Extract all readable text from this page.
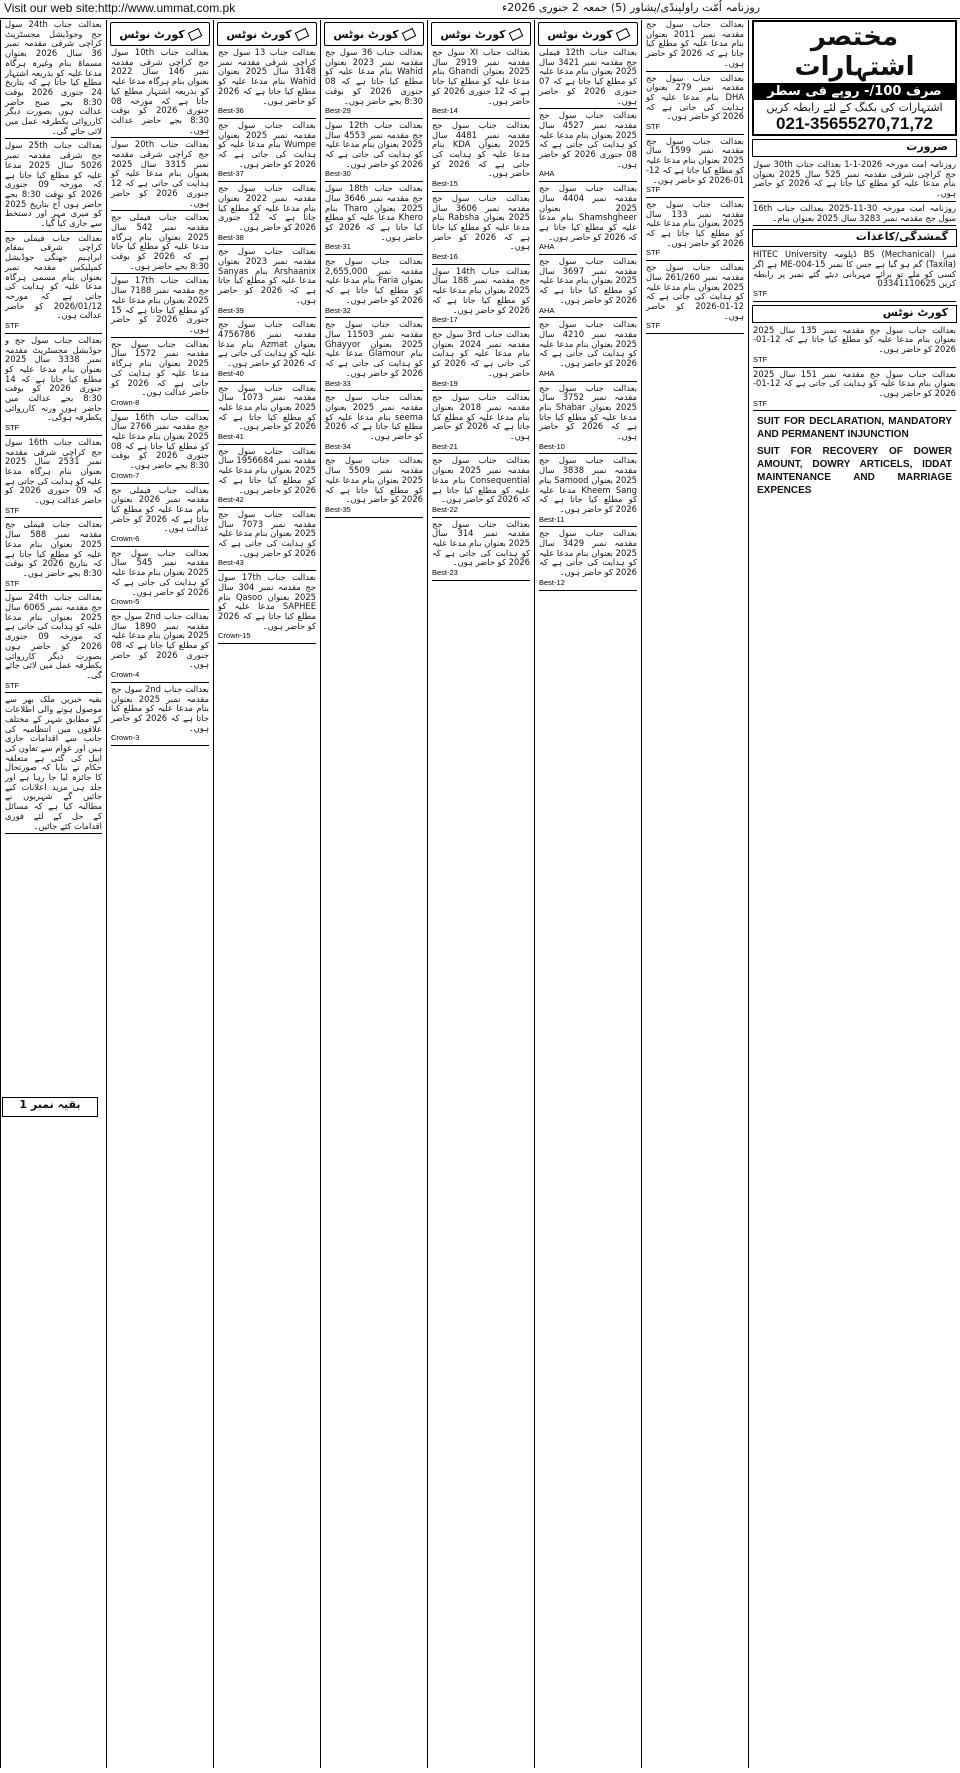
Visit our web site:http://www.ummat.com.pk	روزنامہ اُمّت راولپنڈی/پشاور (5) جمعہ 2 جنوری 2026ء
بعدالت جناب 24th سول جج وجوڈیشل مجسٹریٹ کراچی شرقی مقدمہ نمبر 36 سال 2026 بعنوان مسماۃ بنام وغیرہ ہرگاہ مدعا علیہ کو بذریعہ اشتہار مطلع کیا جاتا ہے کہ بتاریخ 24 جنوری 2026 بوقت 8:30 بجے صبح حاضر عدالت ہوں بصورت دیگر کارروائی یکطرفہ عمل میں لائی جائے گی۔
بعدالت جناب 25th سول جج شرقی مقدمہ نمبر 5026 سال 2025 مدعا علیہ کو مطلع کیا جاتا ہے کہ مورخہ 09 جنوری 2026 کو بوقت 8:30 بجے حاضر ہوں آج بتاریخ 2025 کو میری مہر اور دستخط سے جاری کیا گیا۔
بعدالت جناب فیملی جج کراچی شرقی بمقام ابراہیم جھنگی جوڈیشل کمپلیکس مقدمہ نمبر بعنوان بنام مسمی ہرگاہ مدعا علیہ کو ہدایت کی جاتی ہے کہ مورخہ 2026/01/12 کو حاضر عدالت ہوں۔
STF
بعدالت جناب سول جج و جوڈیشل مجسٹریٹ مقدمہ نمبر 3338 سال 2025 بعنوان بنام مدعا علیہ کو مطلع کیا جاتا ہے کہ 14 جنوری 2026 کو بوقت 8:30 بجے عدالت میں حاضر ہوں ورنہ کارروائی یکطرفہ ہوگی۔
STF
بعدالت جناب 16th سول جج کراچی شرقی مقدمہ نمبر 2531 سال 2025 بعنوان بنام ہرگاہ مدعا علیہ کو ہدایت کی جاتی ہے کہ 09 جنوری 2026 کو حاضر عدالت ہوں۔
STF
بعدالت جناب فیملی جج مقدمہ نمبر 588 سال 2025 بعنوان بنام مدعا علیہ کو مطلع کیا جاتا ہے کہ بتاریخ 2026 کو بوقت 8:30 بجے حاضر ہوں۔
STF
بعدالت جناب 24th سول جج مقدمہ نمبر 6065 سال 2025 بعنوان بنام مدعا علیہ کو ہدایت کی جاتی ہے کہ مورخہ 09 جنوری 2026 کو حاضر ہوں بصورت دیگر کارروائی یکطرفہ عمل میں لائی جائے گی۔
STF
بقیہ خبریں ملک بھر سے موصول ہونے والی اطلاعات کے مطابق شہر کے مختلف علاقوں میں انتظامیہ کی جانب سے اقدامات جاری ہیں اور عوام سے تعاون کی اپیل کی گئی ہے متعلقہ حکام نے بتایا کہ صورتحال کا جائزہ لیا جا رہا ہے اور جلد ہی مزید اعلانات کیے جائیں گے شہریوں نے مطالبہ کیا ہے کہ مسائل کے حل کے لئے فوری اقدامات کئے جائیں۔
کورٹ نوٹس
بعدالت جناب 10th سول جج کراچی شرقی مقدمہ نمبر 146 سال 2022 بعنوان بنام ہرگاہ مدعا علیہ کو بذریعہ اشتہار مطلع کیا جاتا ہے کہ مورخہ 08 جنوری 2026 کو بوقت 8:30 بجے حاضر عدالت ہوں۔
بعدالت جناب 20th سول جج کراچی شرقی مقدمہ نمبر 3315 سال 2025 بعنوان بنام مدعا علیہ کو ہدایت کی جاتی ہے کہ 12 جنوری 2026 کو حاضر ہوں۔
بعدالت جناب فیملی جج مقدمہ نمبر 542 سال 2025 بعنوان بنام ہرگاہ مدعا علیہ کو مطلع کیا جاتا ہے کہ 2026 کو بوقت 8:30 بجے حاضر ہوں۔
بعدالت جناب 17th سول جج مقدمہ نمبر 7188 سال 2025 بعنوان بنام مدعا علیہ کو مطلع کیا جاتا ہے کہ 15 جنوری 2026 کو حاضر ہوں۔
بعدالت جناب سول جج مقدمہ نمبر 1572 سال 2025 بعنوان بنام ہرگاہ مدعا علیہ کو ہدایت کی جاتی ہے کہ 2026 کو حاضر عدالت ہوں۔
Crown-8
بعدالت جناب 16th سول جج مقدمہ نمبر 2766 سال 2025 بعنوان بنام مدعا علیہ کو مطلع کیا جاتا ہے کہ 08 جنوری 2026 کو بوقت 8:30 بجے حاضر ہوں۔
Crown-7
بعدالت جناب فیملی جج مقدمہ نمبر 2026 بعنوان بنام مدعا علیہ کو مطلع کیا جاتا ہے کہ 2026 کو حاضر عدالت ہوں۔
Crown-6
بعدالت جناب سول جج مقدمہ نمبر 545 سال 2025 بعنوان بنام مدعا علیہ کو ہدایت کی جاتی ہے کہ 2026 کو حاضر ہوں۔
Crown-5
بعدالت جناب 2nd سول جج مقدمہ نمبر 1890 سال 2025 بعنوان بنام مدعا علیہ کو مطلع کیا جاتا ہے کہ 08 جنوری 2026 کو حاضر ہوں۔
Crown-4
بعدالت جناب 2nd سول جج مقدمہ نمبر 2025 بعنوان بنام مدعا علیہ کو مطلع کیا جاتا ہے کہ 2026 کو حاضر ہوں۔
Crown-3
کورٹ نوٹس
بعدالت جناب 13 سول جج کراچی شرقی مقدمہ نمبر 3148 سال 2025 بعنوان Wahid بنام مدعا علیہ کو مطلع کیا جاتا ہے کہ 2026 کو حاضر ہوں۔
Best-36
بعدالت جناب سول جج مقدمہ نمبر 2025 بعنوان Wumpe بنام مدعا علیہ کو ہدایت کی جاتی ہے کہ 2026 کو حاضر ہوں۔
Best-37
بعدالت جناب سول جج مقدمہ نمبر 2022 بعنوان بنام مدعا علیہ کو مطلع کیا جاتا ہے کہ 12 جنوری 2026 کو حاضر ہوں۔
Best-38
بعدالت جناب سول جج مقدمہ نمبر 2023 بعنوان Arshaanix بنام Sanyas مدعا علیہ کو مطلع کیا جاتا ہے کہ 2026 کو حاضر ہوں۔
Best-39
بعدالت جناب سول جج مقدمہ نمبر 4756786 بعنوان Azmat بنام مدعا علیہ کو ہدایت کی جاتی ہے کہ 2026 کو حاضر ہوں۔
Best-40
بعدالت جناب سول جج مقدمہ نمبر 1073 سال 2025 بعنوان بنام مدعا علیہ کو مطلع کیا جاتا ہے کہ 2026 کو حاضر ہوں۔
Best-41
بعدالت جناب سول جج مقدمہ نمبر 1956684 سال 2025 بعنوان بنام مدعا علیہ کو مطلع کیا جاتا ہے کہ 2026 کو حاضر ہوں۔
Best-42
بعدالت جناب سول جج مقدمہ نمبر 7073 سال 2025 بعنوان بنام مدعا علیہ کو ہدایت کی جاتی ہے کہ 2026 کو حاضر ہوں۔
Best-43
بعدالت جناب 17th سول جج مقدمہ نمبر 304 سال 2025 بعنوان Qasoo بنام SAPHEE مدعا علیہ کو مطلع کیا جاتا ہے کہ 2026 کو حاضر ہوں۔
Crown-15
کورٹ نوٹس
بعدالت جناب 36 سول جج مقدمہ نمبر 2023 بعنوان Wahid بنام مدعا علیہ کو مطلع کیا جاتا ہے کہ 08 جنوری 2026 کو بوقت 8:30 بجے حاضر ہوں۔
Best-29
بعدالت جناب 12th سول جج مقدمہ نمبر 4553 سال 2025 بعنوان بنام مدعا علیہ کو ہدایت کی جاتی ہے کہ 2026 کو حاضر ہوں۔
Best-30
بعدالت جناب 18th سول جج مقدمہ نمبر 3646 سال 2025 بعنوان Tharo بنام Khero مدعا علیہ کو مطلع کیا جاتا ہے کہ 2026 کو حاضر ہوں۔
Best-31
بعدالت جناب سول جج مقدمہ نمبر 2,655,000 بعنوان Faria بنام مدعا علیہ کو مطلع کیا جاتا ہے کہ 2026 کو حاضر ہوں۔
Best-32
بعدالت جناب سول جج مقدمہ نمبر 11503 سال 2025 بعنوان Ghayyor بنام Glamour مدعا علیہ کو ہدایت کی جاتی ہے کہ 2026 کو حاضر ہوں۔
Best-33
بعدالت جناب سول جج مقدمہ نمبر 2025 بعنوان seema بنام مدعا علیہ کو مطلع کیا جاتا ہے کہ 2026 کو حاضر ہوں۔
Best-34
بعدالت جناب سول جج مقدمہ نمبر 5509 سال 2025 بعنوان بنام مدعا علیہ کو مطلع کیا جاتا ہے کہ 2026 کو حاضر ہوں۔
Best-35
کورٹ نوٹس
بعدالت جناب XI سول جج مقدمہ نمبر 2919 سال 2025 بعنوان Ghandi بنام مدعا علیہ کو مطلع کیا جاتا ہے کہ 12 جنوری 2026 کو حاضر ہوں۔
Best-14
بعدالت جناب سول جج مقدمہ نمبر 4481 سال 2025 بعنوان KDA بنام مدعا علیہ کو ہدایت کی جاتی ہے کہ 2026 کو حاضر ہوں۔
Best-15
بعدالت جناب سول جج مقدمہ نمبر 3606 سال 2025 بعنوان Rabsha بنام مدعا علیہ کو مطلع کیا جاتا ہے کہ 2026 کو حاضر ہوں۔
Best-16
بعدالت جناب 14th سول جج مقدمہ نمبر 188 سال 2025 بعنوان بنام مدعا علیہ کو مطلع کیا جاتا ہے کہ 2026 کو حاضر ہوں۔
Best-17
بعدالت جناب 3rd سول جج مقدمہ نمبر 2024 بعنوان بنام مدعا علیہ کو ہدایت کی جاتی ہے کہ 2026 کو حاضر ہوں۔
Best-19
بعدالت جناب سول جج مقدمہ نمبر 2018 بعنوان بنام مدعا علیہ کو مطلع کیا جاتا ہے کہ 2026 کو حاضر ہوں۔
Best-21
بعدالت جناب سول جج مقدمہ نمبر 2025 بعنوان Consequential بنام مدعا علیہ کو مطلع کیا جاتا ہے کہ 2026 کو حاضر ہوں۔
Best-22
بعدالت جناب سول جج مقدمہ نمبر 314 سال 2025 بعنوان بنام مدعا علیہ کو ہدایت کی جاتی ہے کہ 2026 کو حاضر ہوں۔
Best-23
کورٹ نوٹس
بعدالت جناب 12th فیملی جج مقدمہ نمبر 3421 سال 2025 بعنوان بنام مدعا علیہ کو مطلع کیا جاتا ہے کہ 07 جنوری 2026 کو حاضر ہوں۔
بعدالت جناب سول جج مقدمہ نمبر 4527 سال 2025 بعنوان بنام مدعا علیہ کو ہدایت کی جاتی ہے کہ 08 جنوری 2026 کو حاضر ہوں۔
AHA
بعدالت جناب سول جج مقدمہ نمبر 4404 سال 2025 بعنوان Shamshgheer بنام مدعا علیہ کو مطلع کیا جاتا ہے کہ 2026 کو حاضر ہوں۔
AHA
بعدالت جناب سول جج مقدمہ نمبر 3697 سال 2025 بعنوان بنام مدعا علیہ کو مطلع کیا جاتا ہے کہ 2026 کو حاضر ہوں۔
AHA
بعدالت جناب سول جج مقدمہ نمبر 4210 سال 2025 بعنوان بنام مدعا علیہ کو ہدایت کی جاتی ہے کہ 2026 کو حاضر ہوں۔
AHA
بعدالت جناب سول جج مقدمہ نمبر 3752 سال 2025 بعنوان Shabar بنام مدعا علیہ کو مطلع کیا جاتا ہے کہ 2026 کو حاضر ہوں۔
Best-10
بعدالت جناب سول جج مقدمہ نمبر 3838 سال 2025 بعنوان Samood بنام Kheem Sang مدعا علیہ کو مطلع کیا جاتا ہے کہ 2026 کو حاضر ہوں۔
Best-11
بعدالت جناب سول جج مقدمہ نمبر 3429 سال 2025 بعنوان بنام مدعا علیہ کو ہدایت کی جاتی ہے کہ 2026 کو حاضر ہوں۔
Best-12
بعدالت جناب سول جج مقدمہ نمبر 2011 بعنوان بنام مدعا علیہ کو مطلع کیا جاتا ہے کہ 2026 کو حاضر ہوں۔
بعدالت جناب سول جج مقدمہ نمبر 279 بعنوان DHA بنام مدعا علیہ کو ہدایت کی جاتی ہے کہ 2026 کو حاضر ہوں۔
STF
بعدالت جناب سول جج مقدمہ نمبر 1599 سال 2025 بعنوان بنام مدعا علیہ کو مطلع کیا جاتا ہے کہ 12-01-2026 کو حاضر ہوں۔
STF
بعدالت جناب سول جج مقدمہ نمبر 133 سال 2025 بعنوان بنام مدعا علیہ کو مطلع کیا جاتا ہے کہ 2026 کو حاضر ہوں۔
STF
بعدالت جناب سول جج مقدمہ نمبر 261/260 سال 2025 بعنوان بنام مدعا علیہ کو ہدایت کی جاتی ہے کہ 12-01-2026 کو حاضر ہوں۔
STF
مختصر اشتہارات
صرف 100/- روپے فی سطر
اشتہارات کی بکنگ کے لئے رابطہ کریں
021-35655270,71,72
ضرورت
روزنامہ امت مورخہ 2026-1-1 بعدالت جناب 30th سول جج کراچی شرقی مقدمہ نمبر 525 سال 2025 بعنوان بنام مدعا علیہ کو مطلع کیا جاتا ہے کہ 2026 کو حاضر ہوں۔
روزنامہ امت مورخہ 30-11-2025 بعدالت جناب 16th سول جج مقدمہ نمبر 3283 سال 2025 بعنوان بنام۔
گمشدگی/کاغذات
میرا BS (Mechanical) ڈپلومہ HITEC University (Taxila) گم ہو گیا ہے جس کا نمبر ME-004-15 ہے اگر کسی کو ملے تو برائے مہربانی دیئے گئے نمبر پر رابطہ کریں 03341110625
STF
کورٹ نوٹس
بعدالت جناب سول جج مقدمہ نمبر 135 سال 2025 بعنوان بنام مدعا علیہ کو مطلع کیا جاتا ہے کہ 12-01-2026 کو حاضر ہوں۔
STF
بعدالت جناب سول جج مقدمہ نمبر 151 سال 2025 بعنوان بنام مدعا علیہ کو ہدایت کی جاتی ہے کہ 12-01-2026 کو حاضر ہوں۔
STF
SUIT FOR DECLARATION, MANDATORY AND PERMANENT INJUNCTION
SUIT FOR RECOVERY OF DOWER AMOUNT, DOWRY ARTICELS, IDDAT MAINTENANCE AND MARRIAGE EXPENCES
بقیہ نمبر 1
